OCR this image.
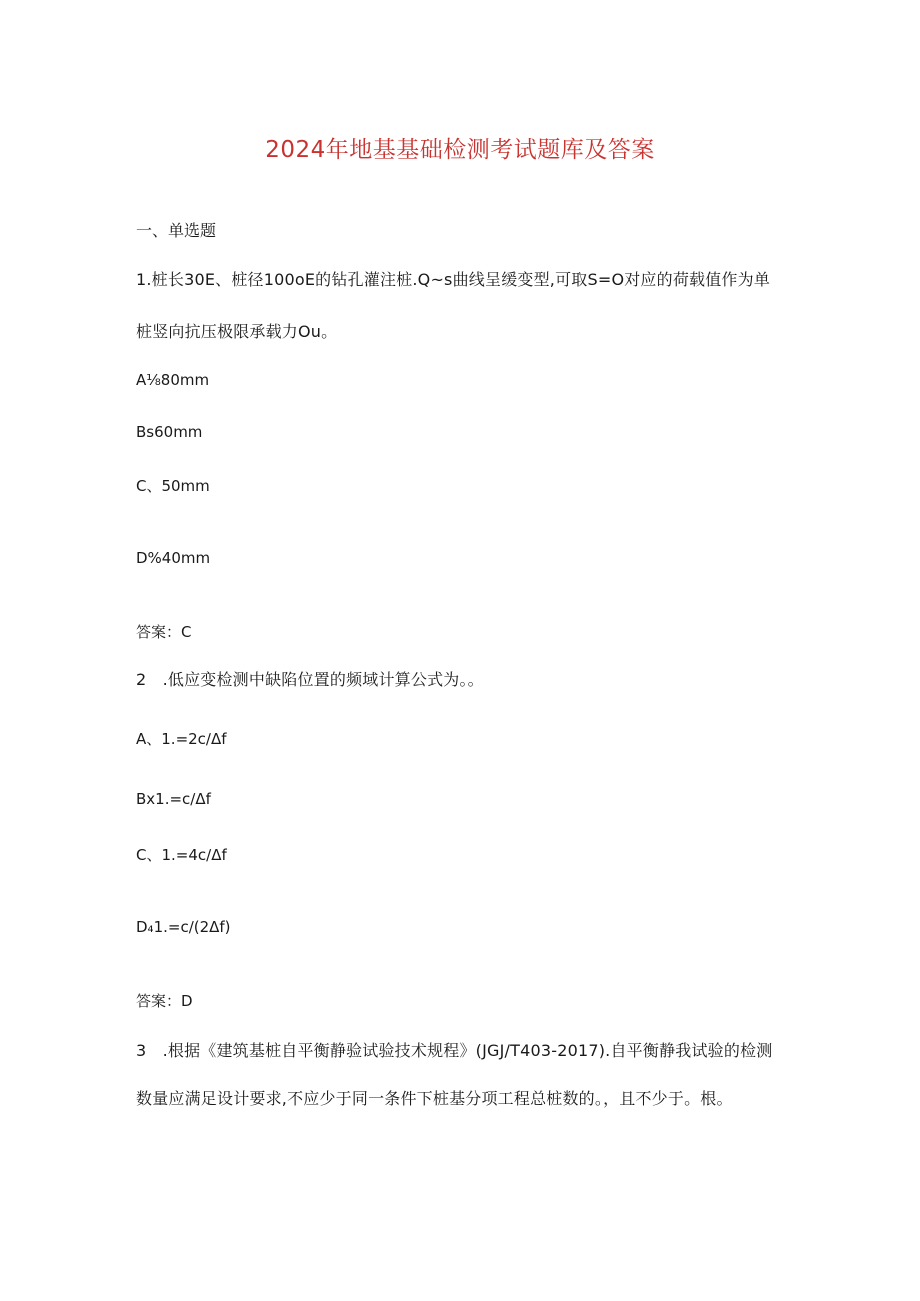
2024年地基基础检测考试题库及答案

一、单选题

1.桩长30E、桩径100oE的钻孔灌注桩.Q~s曲线呈缓变型,可取S=O对应的荷载值作为单

桩竖向抗压极限承载力Ou。

A⅛80mm

Bs60mm

C、50mm

D%40mm

答案：C

2　.低应变检测中缺陷位置的频域计算公式为。。

A、1.=2c∕Δf

Bx1.=c∕Δf

C、1.=4c∕Δf

D₄1.=c∕(2Δf)

答案：D

3　.根据《建筑基桩自平衡静验试验技术规程》(JGJ/T403-2017).自平衡静我试验的检测

数量应满足设计要求,不应少于同一条件下桩基分项工程总桩数的。，且不少于。根。
